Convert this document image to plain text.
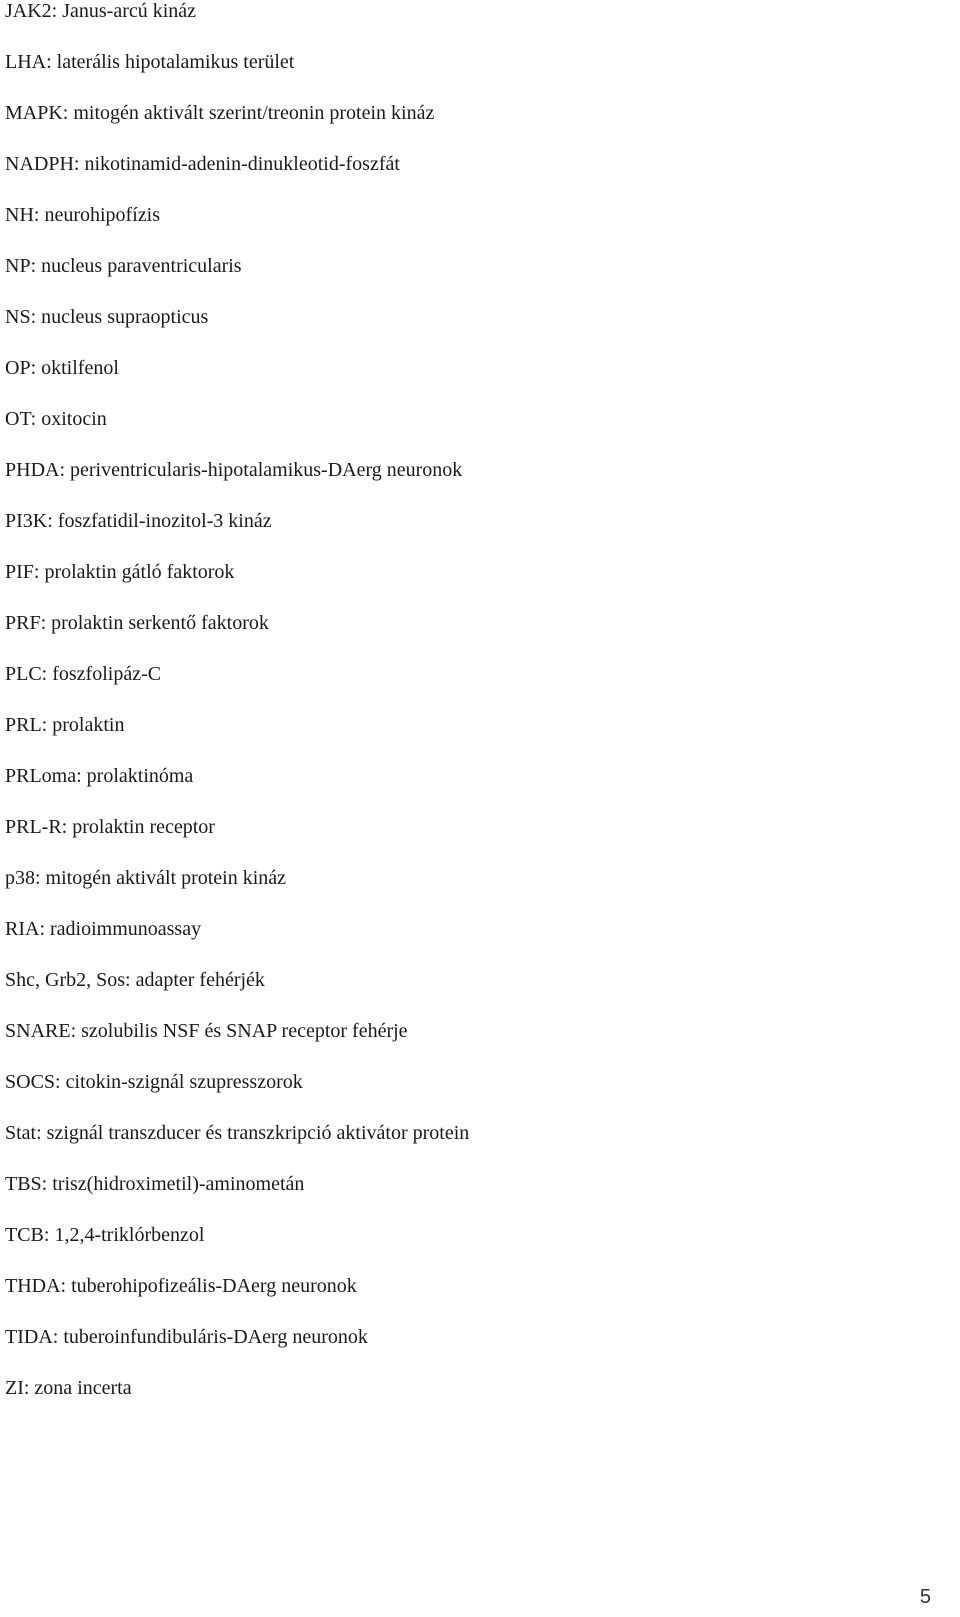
JAK2: Janus-arcú kináz
LHA: laterális hipotalamikus terület
MAPK: mitogén aktivált szerint/treonin protein kináz
NADPH: nikotinamid-adenin-dinukleotid-foszfát
NH: neurohipofízis
NP: nucleus paraventricularis
NS: nucleus supraopticus
OP: oktilfenol
OT: oxitocin
PHDA: periventricularis-hipotalamikus-DAerg neuronok
PI3K: foszfatidil-inozitol-3 kináz
PIF: prolaktin gátló faktorok
PRF: prolaktin serkentő faktorok
PLC: foszfolipáz-C
PRL: prolaktin
PRLoma: prolaktinóma
PRL-R: prolaktin receptor
p38: mitogén aktivált protein kináz
RIA: radioimmunoassay
Shc, Grb2, Sos: adapter fehérjék
SNARE: szolubilis NSF és SNAP receptor fehérje
SOCS: citokin-szignál szupresszorok
Stat: szignál transzducer és transzkripció aktivátor protein
TBS: trisz(hidroximetil)-aminometán
TCB: 1,2,4-triklórbenzol
THDA: tuberohipofizeális-DAerg neuronok
TIDA: tuberoinfundibuláris-DAerg neuronok
ZI: zona incerta
5
